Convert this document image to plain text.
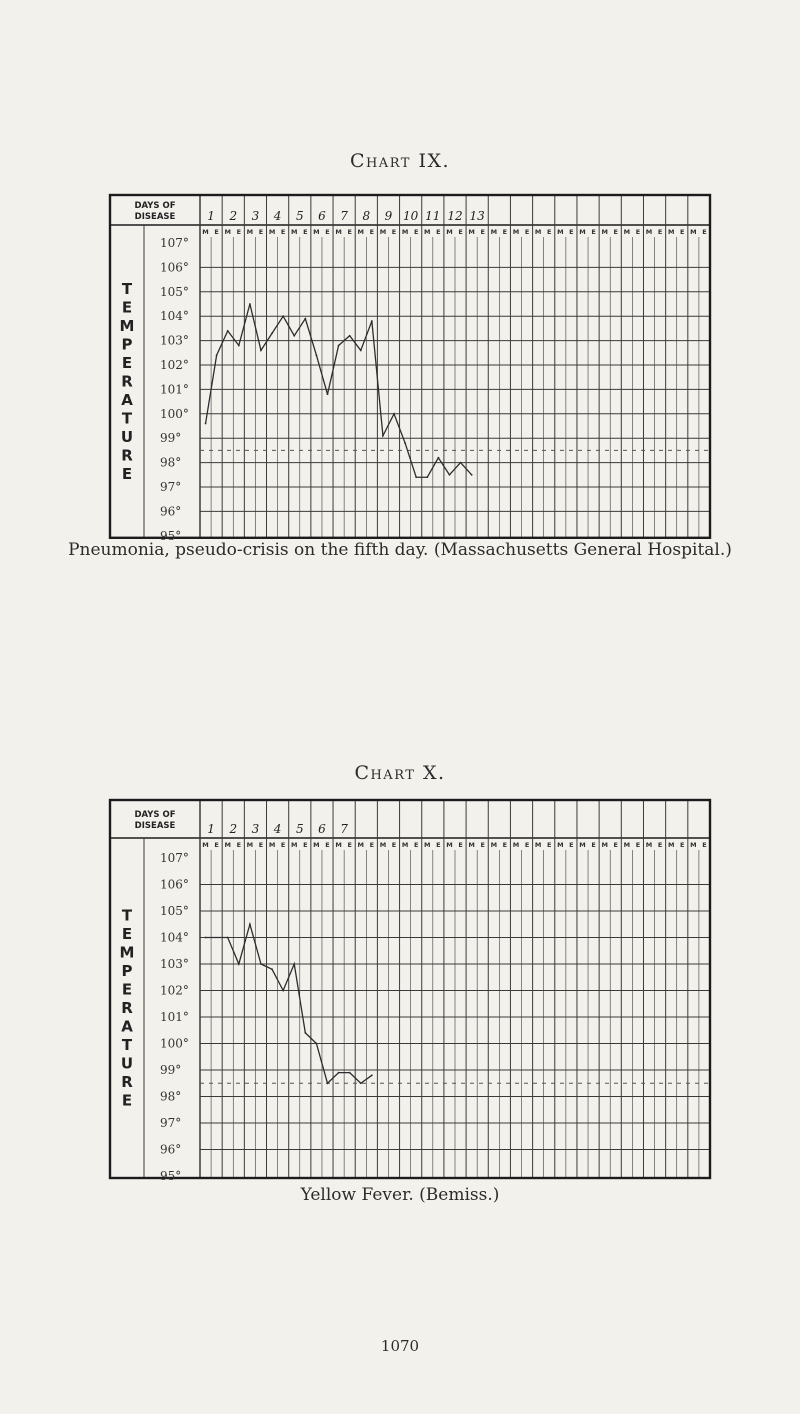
Chart IX.
DAYS OF
DISEASE	1
M E
2
M E
3
M E
4
M E
5
M E
6
M E
7
M E
8
M E
9
M E
10
M E
11
M E
12
M E
13
M E M E M E M E M E M E M E M E M E M E M E
107°
106°
105°
104°
103°
102°
101°
100°
99°
98°
97°
96°
95°
T
E
M
P
E
R
A
T
U
R
E
Pneumonia, pseudo-crisis on the fifth day. (Massachusetts General Hospital.)
Chart X.
DAYS OF
DISEASE	1
M E
2
M E
3
M E
4
M E
5
M E
6
M E
7
M E M E M E M E M E M E M E M E M E M E M E M E M E M E M E M E M E
107°
106°
105°
104°
103°
102°
101°
100°
99°
98°
97°
96°
95°
T
E
M
P
E
R
A
T
U
R
E
Yellow Fever. (Bemiss.)
1070
